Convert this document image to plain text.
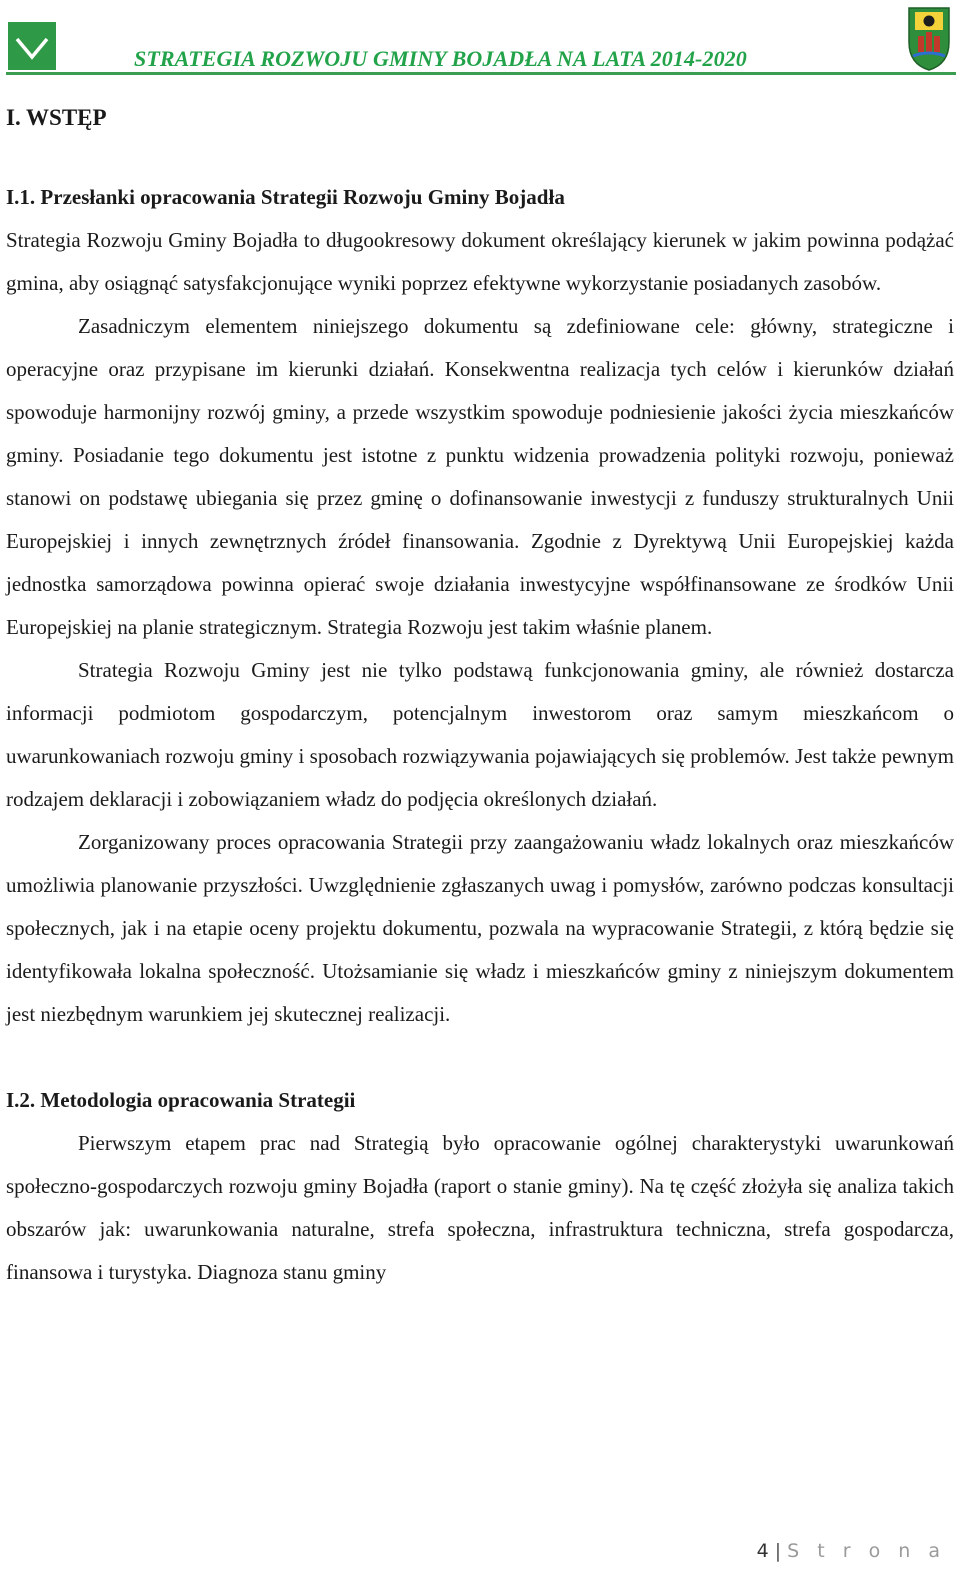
STRATEGIA ROZWOJU GMINY BOJADŁA NA LATA 2014-2020
I. WSTĘP
I.1. Przesłanki opracowania Strategii Rozwoju Gminy Bojadła

Strategia Rozwoju Gminy Bojadła to długookresowy dokument określający kierunek w jakim powinna podążać gmina, aby osiągnąć satysfakcjonujące wyniki poprzez efektywne wykorzystanie posiadanych zasobów.

Zasadniczym elementem niniejszego dokumentu są zdefiniowane cele: główny, strategiczne i operacyjne oraz przypisane im kierunki działań. Konsekwentna realizacja tych celów i kierunków działań spowoduje harmonijny rozwój gminy, a przede wszystkim spowoduje podniesienie jakości życia mieszkańców gminy. Posiadanie tego dokumentu jest istotne z punktu widzenia prowadzenia polityki rozwoju, ponieważ stanowi on podstawę ubiegania się przez gminę o dofinansowanie inwestycji z funduszy strukturalnych Unii Europejskiej i innych zewnętrznych źródeł finansowania. Zgodnie z Dyrektywą Unii Europejskiej każda jednostka samorządowa powinna opierać swoje działania inwestycyjne współfinansowane ze środków Unii Europejskiej na planie strategicznym. Strategia Rozwoju jest takim właśnie planem.

Strategia Rozwoju Gminy jest nie tylko podstawą funkcjonowania gminy, ale również dostarcza informacji podmiotom gospodarczym, potencjalnym inwestorom oraz samym mieszkańcom o uwarunkowaniach rozwoju gminy i sposobach rozwiązywania pojawiających się problemów. Jest także pewnym rodzajem deklaracji i zobowiązaniem władz do podjęcia określonych działań.

Zorganizowany proces opracowania Strategii przy zaangażowaniu władz lokalnych oraz mieszkańców umożliwia planowanie przyszłości. Uwzględnienie zgłaszanych uwag i pomysłów, zarówno podczas konsultacji społecznych, jak i na etapie oceny projektu dokumentu, pozwala na wypracowanie Strategii, z którą będzie się identyfikowała lokalna społeczność. Utożsamianie się władz i mieszkańców gminy z niniejszym dokumentem jest niezbędnym warunkiem jej skutecznej realizacji.

I.2. Metodologia opracowania Strategii

Pierwszym etapem prac nad Strategią było opracowanie ogólnej charakterystyki uwarunkowań społeczno-gospodarczych rozwoju gminy Bojadła (raport o stanie gminy). Na tę część złożyła się analiza takich obszarów jak: uwarunkowania naturalne, strefa społeczna, infrastruktura techniczna, strefa gospodarcza, finansowa i turystyka. Diagnoza stanu gminy

4 | S t r o n a
